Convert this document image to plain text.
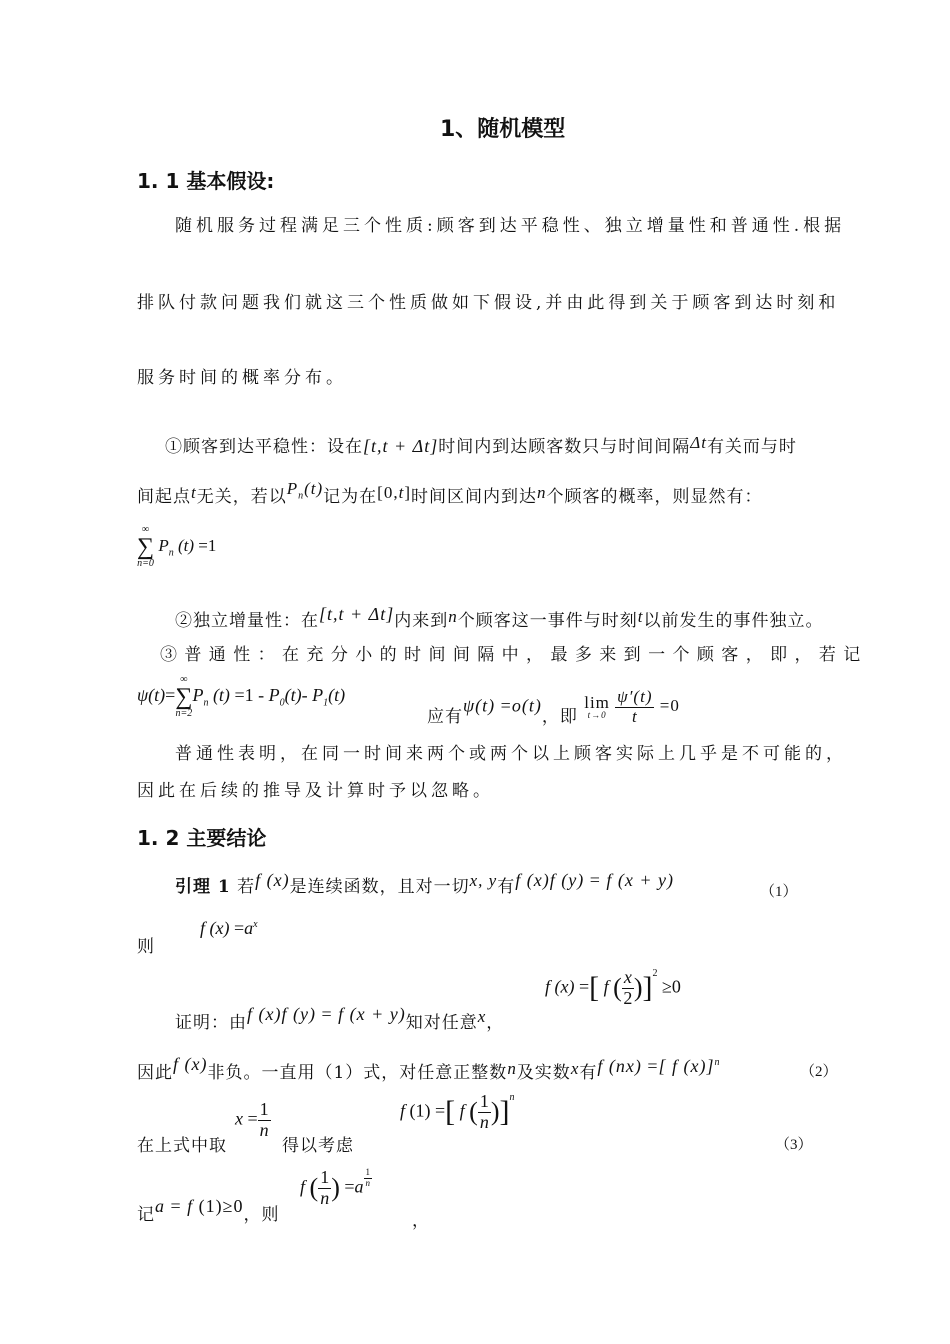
1、随机模型
1. 1 基本假设:
随机服务过程满足三个性质:顾客到达平稳性、独立增量性和普通性.根据
排队付款问题我们就这三个性质做如下假设,并由此得到关于顾客到达时刻和
服务时间的概率分布。
①顾客到达平稳性：设在[t,t + Δt]时间内到达顾客数只与时间间隔Δt有关而与时
间起点t无关，若以$P_n(t)$记为在[0,t]时间区间内到达n个顾客的概率，则显然有：
∞
∑
n=0
$P_n$ (t) =1
②独立增量性：在[t,t + Δt]内来到n个顾客这一事件与时刻t以前发生的事件独立。
③ 普 通 性 ： 在 充 分 小 的 时 间 间 隔 中 ， 最 多 来 到 一 个 顾 客 ， 即 ， 若 记
ψ(t)=
∞
∑
n=2
$P_n$ $(t) =1 - P_0(t)-$ $P_1(t)$
应有ψ(t) =o(t)，即
lim
t→0
$\frac{\psi'(t)}{t} =0$
普通性表明，在同一时间来两个或两个以上顾客实际上几乎是不可能的，
因此在后续的推导及计算时予以忽略。
1. 2 主要结论
引理 1 若f (x)是连续函数，且对一切x, y有f (x)f (y) = f (x + y)
（1）
则
f $(x) =a^x$
证明：由f (x)f (y) = f (x + y)知对任意x，
f (x) =[ f ( $\frac{x}{2} )]^2 \ge 0$
因此f (x)非负。一直用（1）式，对任意正整数n及实数x有f (nx) =[ f (x)]$^n$
（2）
在上式中取
$x = \frac{1}{n}$
得以考虑
f (1) =[ f ( $\frac{1}{n} )]^n$
（3）
记a = f (1)≥0，则
f ( $\frac{1}{n}$ ) =a $^{\frac{1}{n}}$
，
